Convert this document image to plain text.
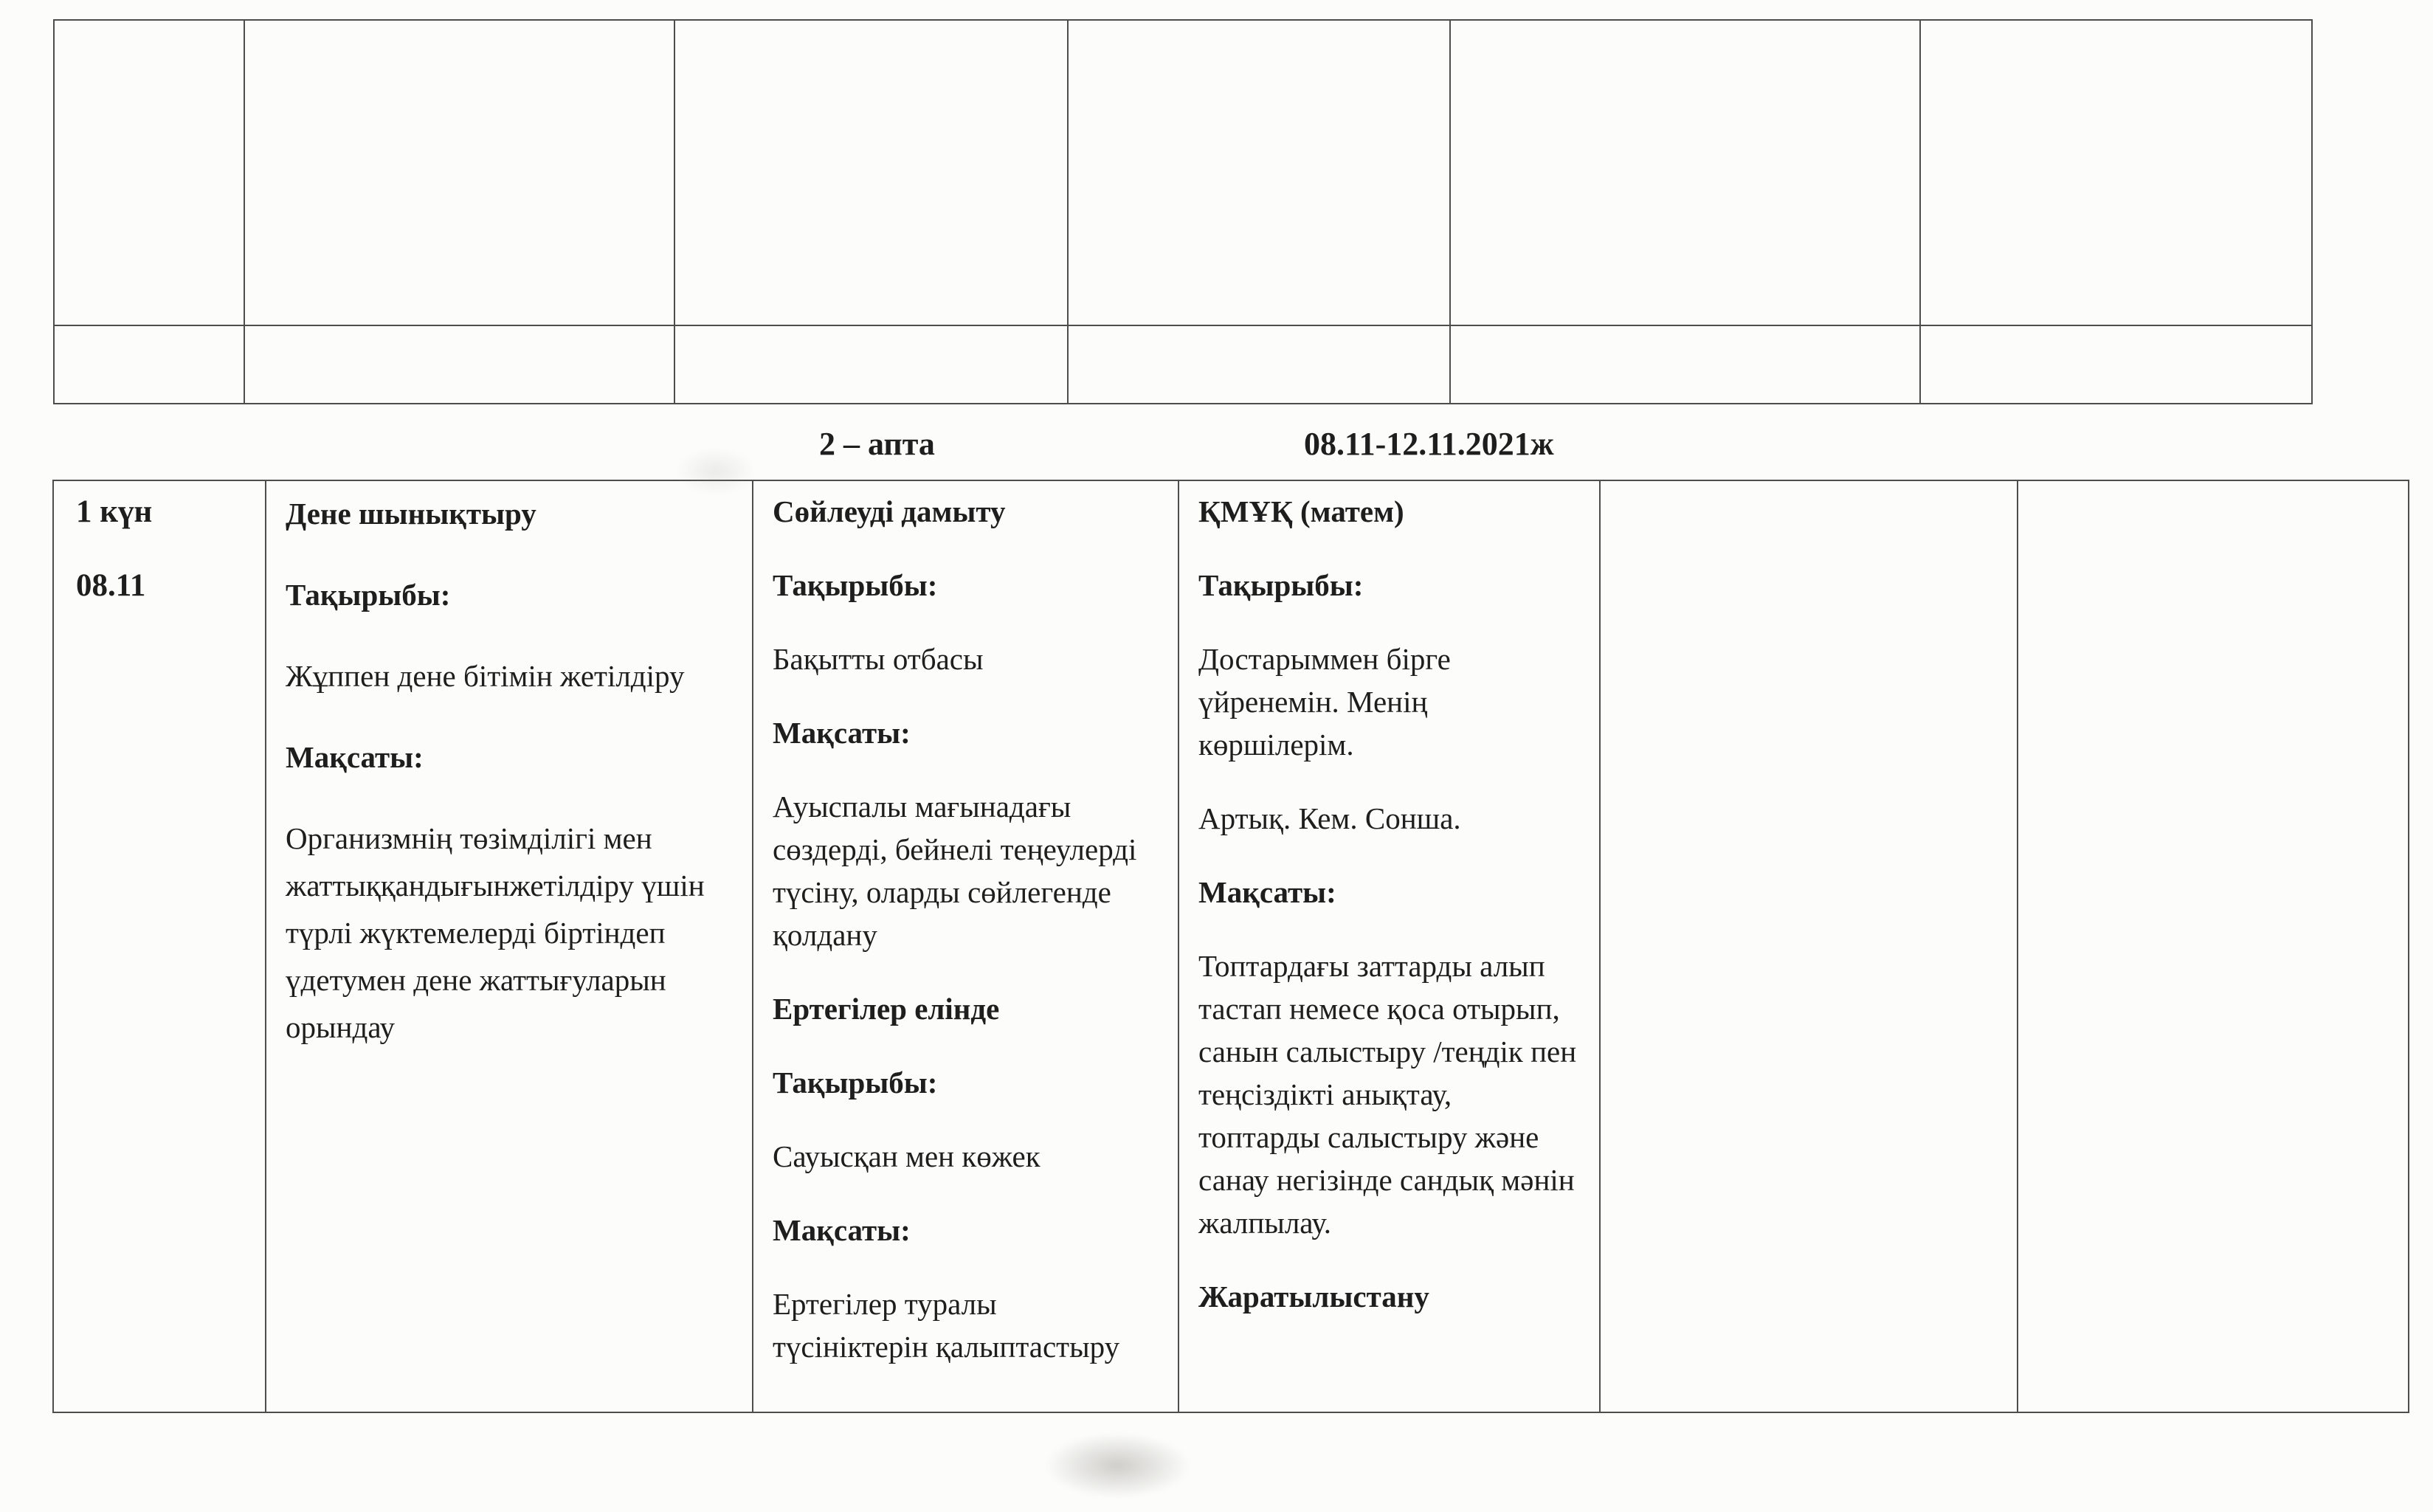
2 – апта	08.11-12.11.2021ж

1 күн

08.11

Дене шынықтыру

Тақырыбы:

Жұппен дене бітімін жетілдіру

Мақсаты:

Организмнің төзімділігі мен жаттыққандығынжетілдіру үшін түрлі жүктемелерді біртіндеп үдетумен дене жаттығуларын орындау

Сөйлеуді дамыту

Тақырыбы:

Бақытты отбасы

Мақсаты:

Ауыспалы мағынадағы сөздерді, бейнелі теңеулерді түсіну, оларды сөйлегенде қолдану

Ертегілер елінде

Тақырыбы:

Сауысқан мен көжек

Мақсаты:

Ертегілер туралы түсініктерін қалыптастыру

ҚМҰҚ (матем)

Тақырыбы:

Достарыммен бірге үйренемін. Менің көршілерім.

Артық. Кем. Сонша.

Мақсаты:

Топтардағы заттарды алып тастап немесе қоса отырып, санын салыстыру /теңдік пен теңсіздікті анықтау, топтарды салыстыру және санау негізінде сандық мәнін жалпылау.

Жаратылыстану
